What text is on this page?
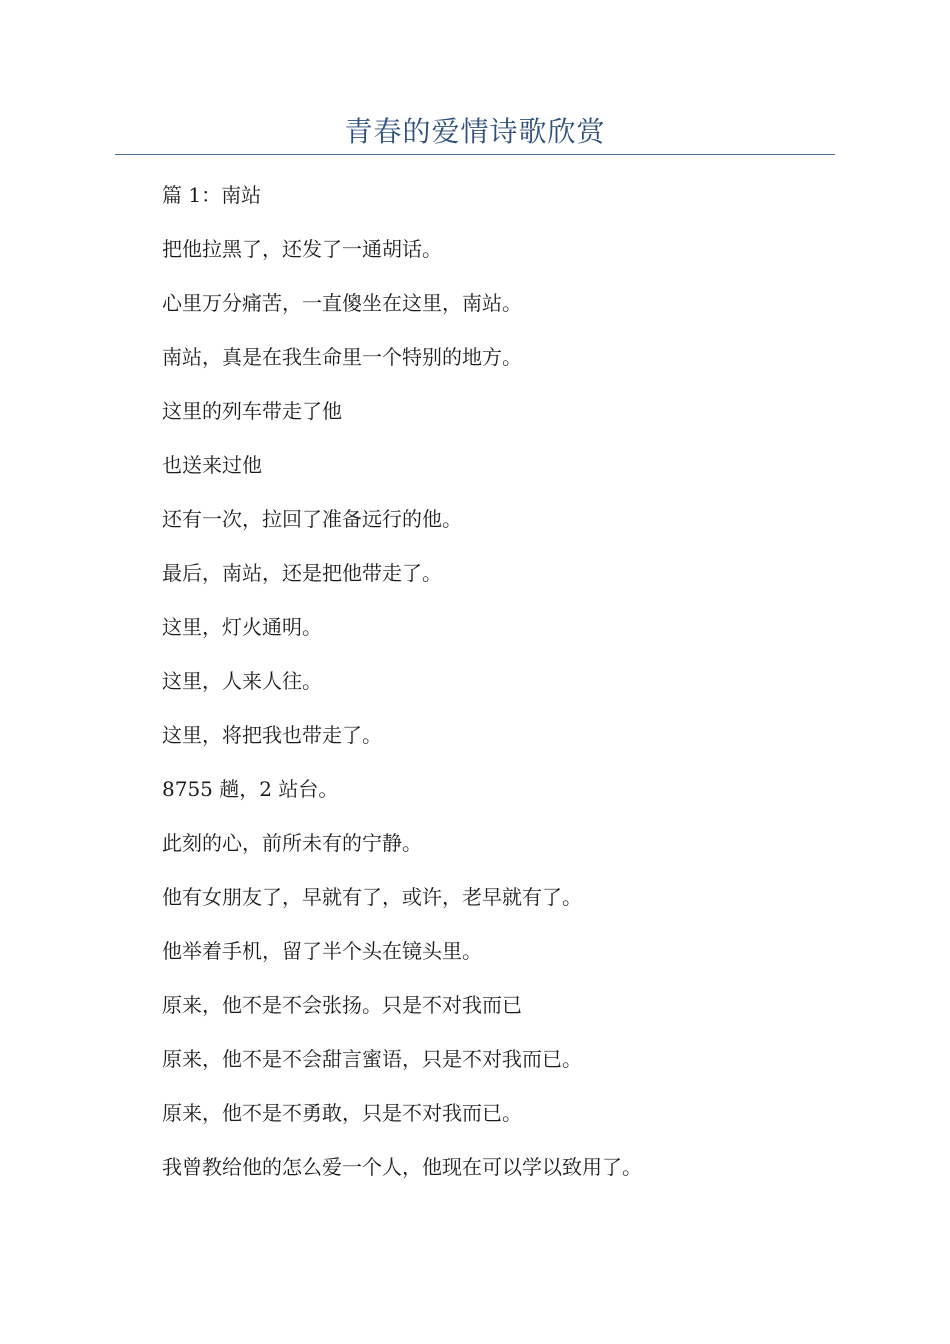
青春的爱情诗歌欣赏
篇 1：南站
把他拉黑了，还发了一通胡话。
心里万分痛苦，一直傻坐在这里，南站。
南站，真是在我生命里一个特别的地方。
这里的列车带走了他
也送来过他
还有一次，拉回了准备远行的他。
最后，南站，还是把他带走了。
这里，灯火通明。
这里，人来人往。
这里，将把我也带走了。
8755 趟，2 站台。
此刻的心，前所未有的宁静。
他有女朋友了，早就有了，或许，老早就有了。
他举着手机，留了半个头在镜头里。
原来，他不是不会张扬。只是不对我而已
原来，他不是不会甜言蜜语，只是不对我而已。
原来，他不是不勇敢，只是不对我而已。
我曾教给他的怎么爱一个人，他现在可以学以致用了。
